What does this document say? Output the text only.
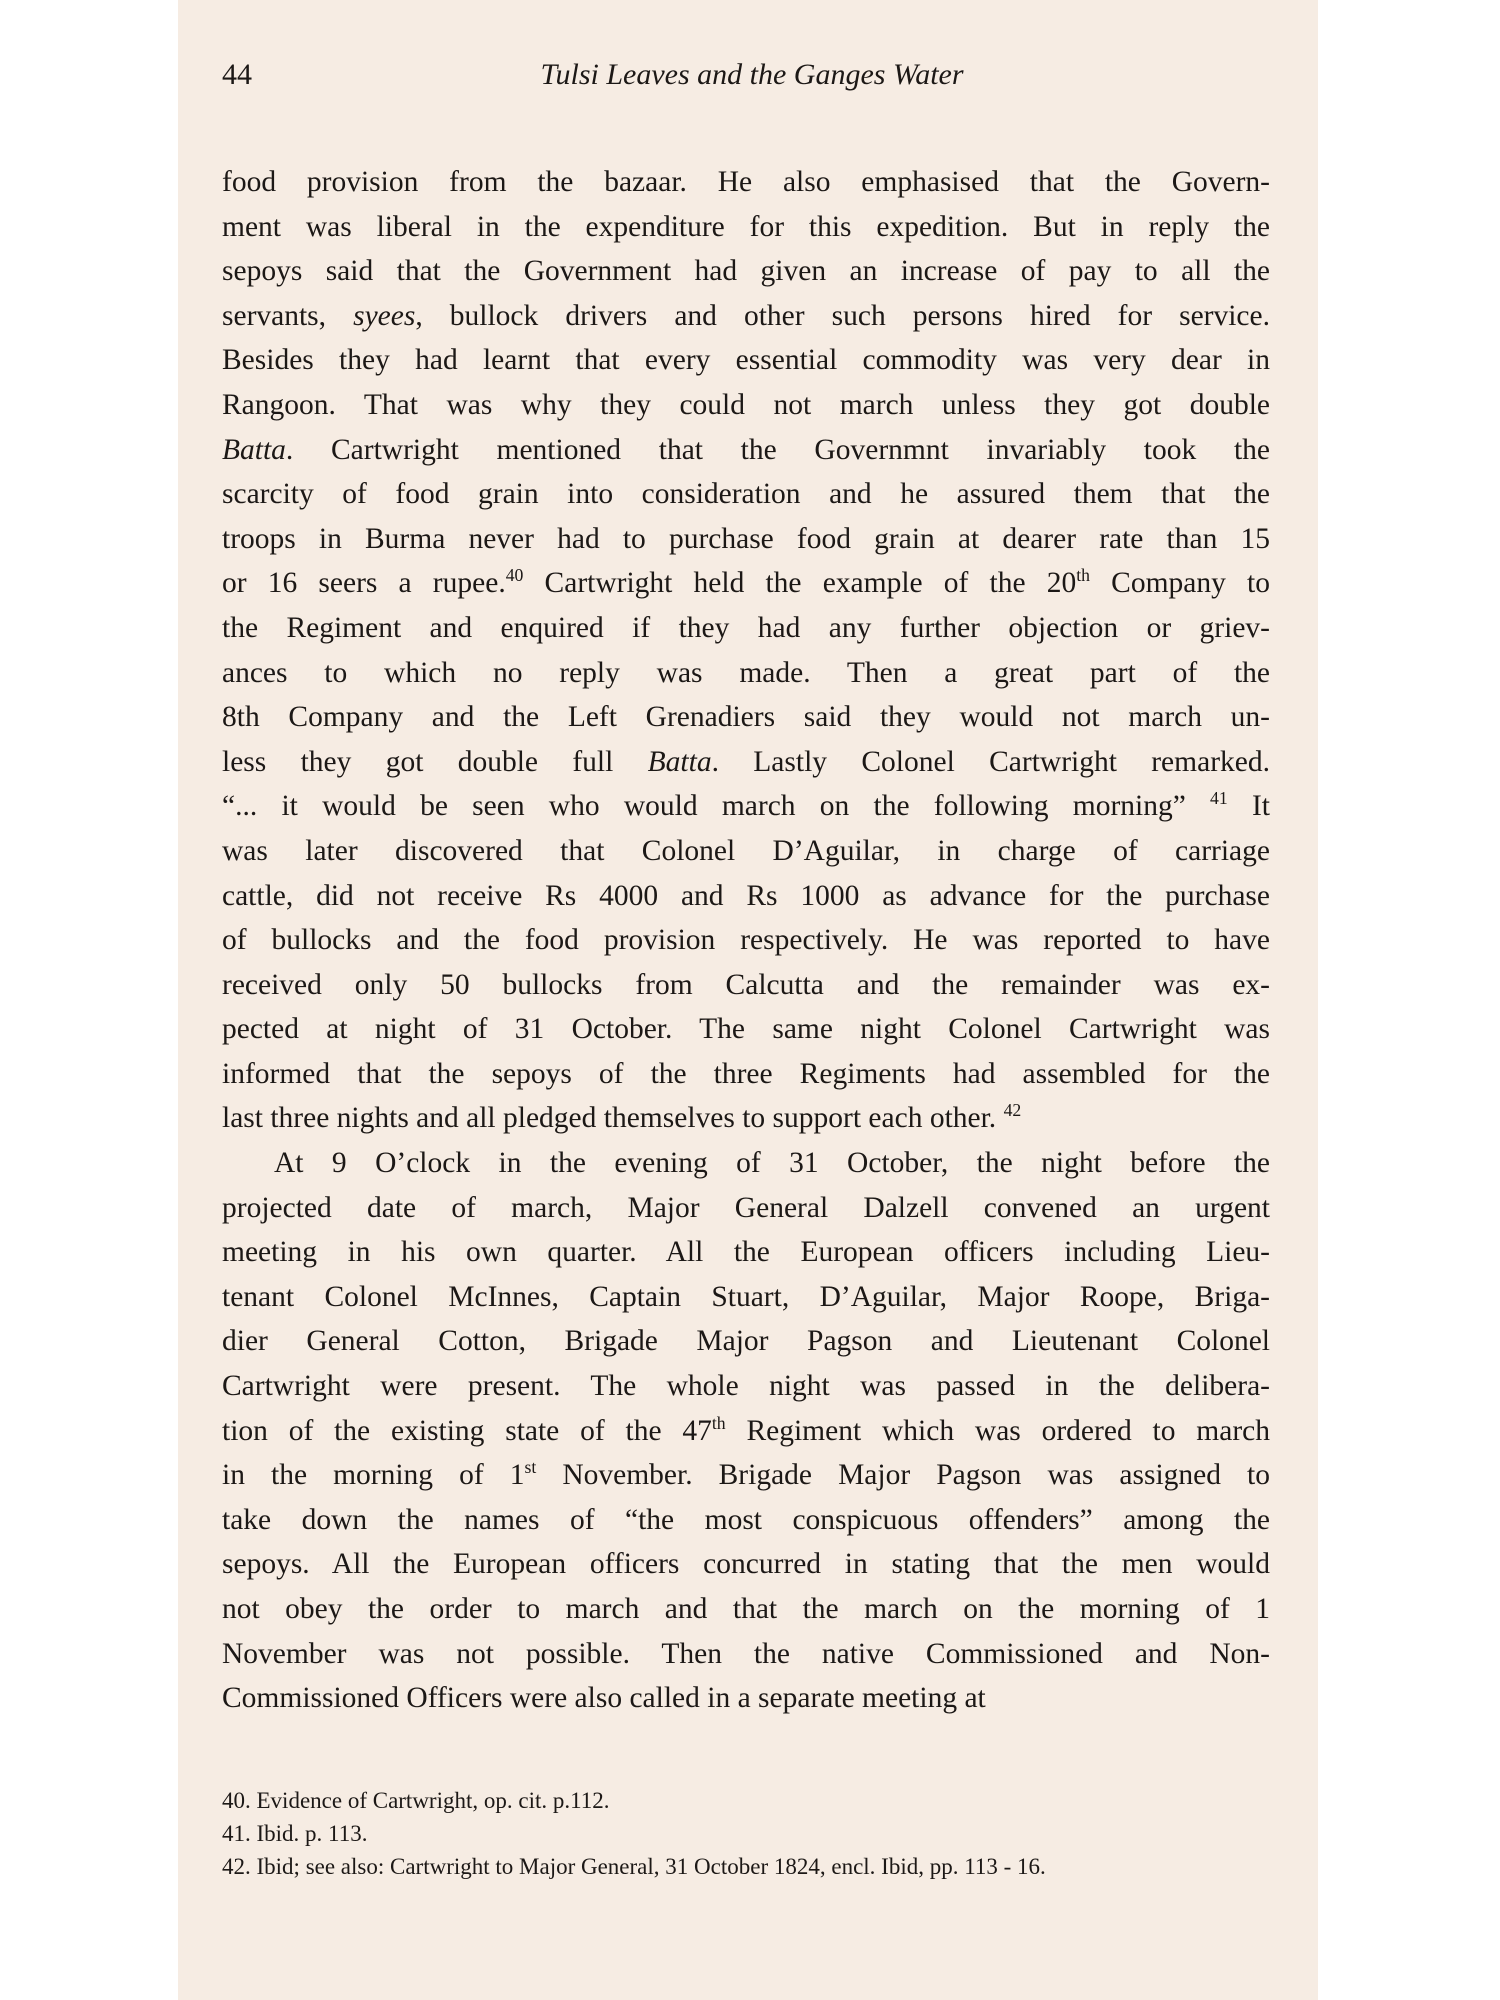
44	Tulsi Leaves and the Ganges Water

food provision from the bazaar. He also emphasised that the Govern-
ment was liberal in the expenditure for this expedition. But in reply the
sepoys said that the Government had given an increase of pay to all the
servants, syees, bullock drivers and other such persons hired for service.
Besides they had learnt that every essential commodity was very dear in
Rangoon. That was why they could not march unless they got double
Batta. Cartwright mentioned that the Governmnt invariably took the
scarcity of food grain into consideration and he assured them that the
troops in Burma never had to purchase food grain at dearer rate than 15
or 16 seers a rupee.$^{40}$ Cartwright held the example of the 20th Company to
the Regiment and enquired if they had any further objection or griev-
ances to which no reply was made. Then a great part of the
8th Company and the Left Grenadiers said they would not march un-
less they got double full Batta. Lastly Colonel Cartwright remarked.
“... it would be seen who would march on the following morning” $^{41}$ It
was later discovered that Colonel D’Aguilar, in charge of carriage
cattle, did not receive Rs 4000 and Rs 1000 as advance for the purchase
of bullocks and the food provision respectively. He was reported to have
received only 50 bullocks from Calcutta and the remainder was ex-
pected at night of 31 October. The same night Colonel Cartwright was
informed that the sepoys of the three Regiments had assembled for the
last three nights and all pledged themselves to support each other. $^{42}$

At 9 O’clock in the evening of 31 October, the night before the
projected date of march, Major General Dalzell convened an urgent
meeting in his own quarter. All the European officers including Lieu-
tenant Colonel McInnes, Captain Stuart, D’Aguilar, Major Roope, Briga-
dier General Cotton, Brigade Major Pagson and Lieutenant Colonel
Cartwright were present. The whole night was passed in the delibera-
tion of the existing state of the 47th Regiment which was ordered to march
in the morning of 1st November. Brigade Major Pagson was assigned to
take down the names of “the most conspicuous offenders” among the
sepoys. All the European officers concurred in stating that the men would
not obey the order to march and that the march on the morning of 1
November was not possible. Then the native Commissioned and Non-
Commissioned Officers were also called in a separate meeting at

40. Evidence of Cartwright, op. cit. p.112.
41. Ibid. p. 113.
42. Ibid; see also: Cartwright to Major General, 31 October 1824, encl. Ibid, pp. 113 - 16.
